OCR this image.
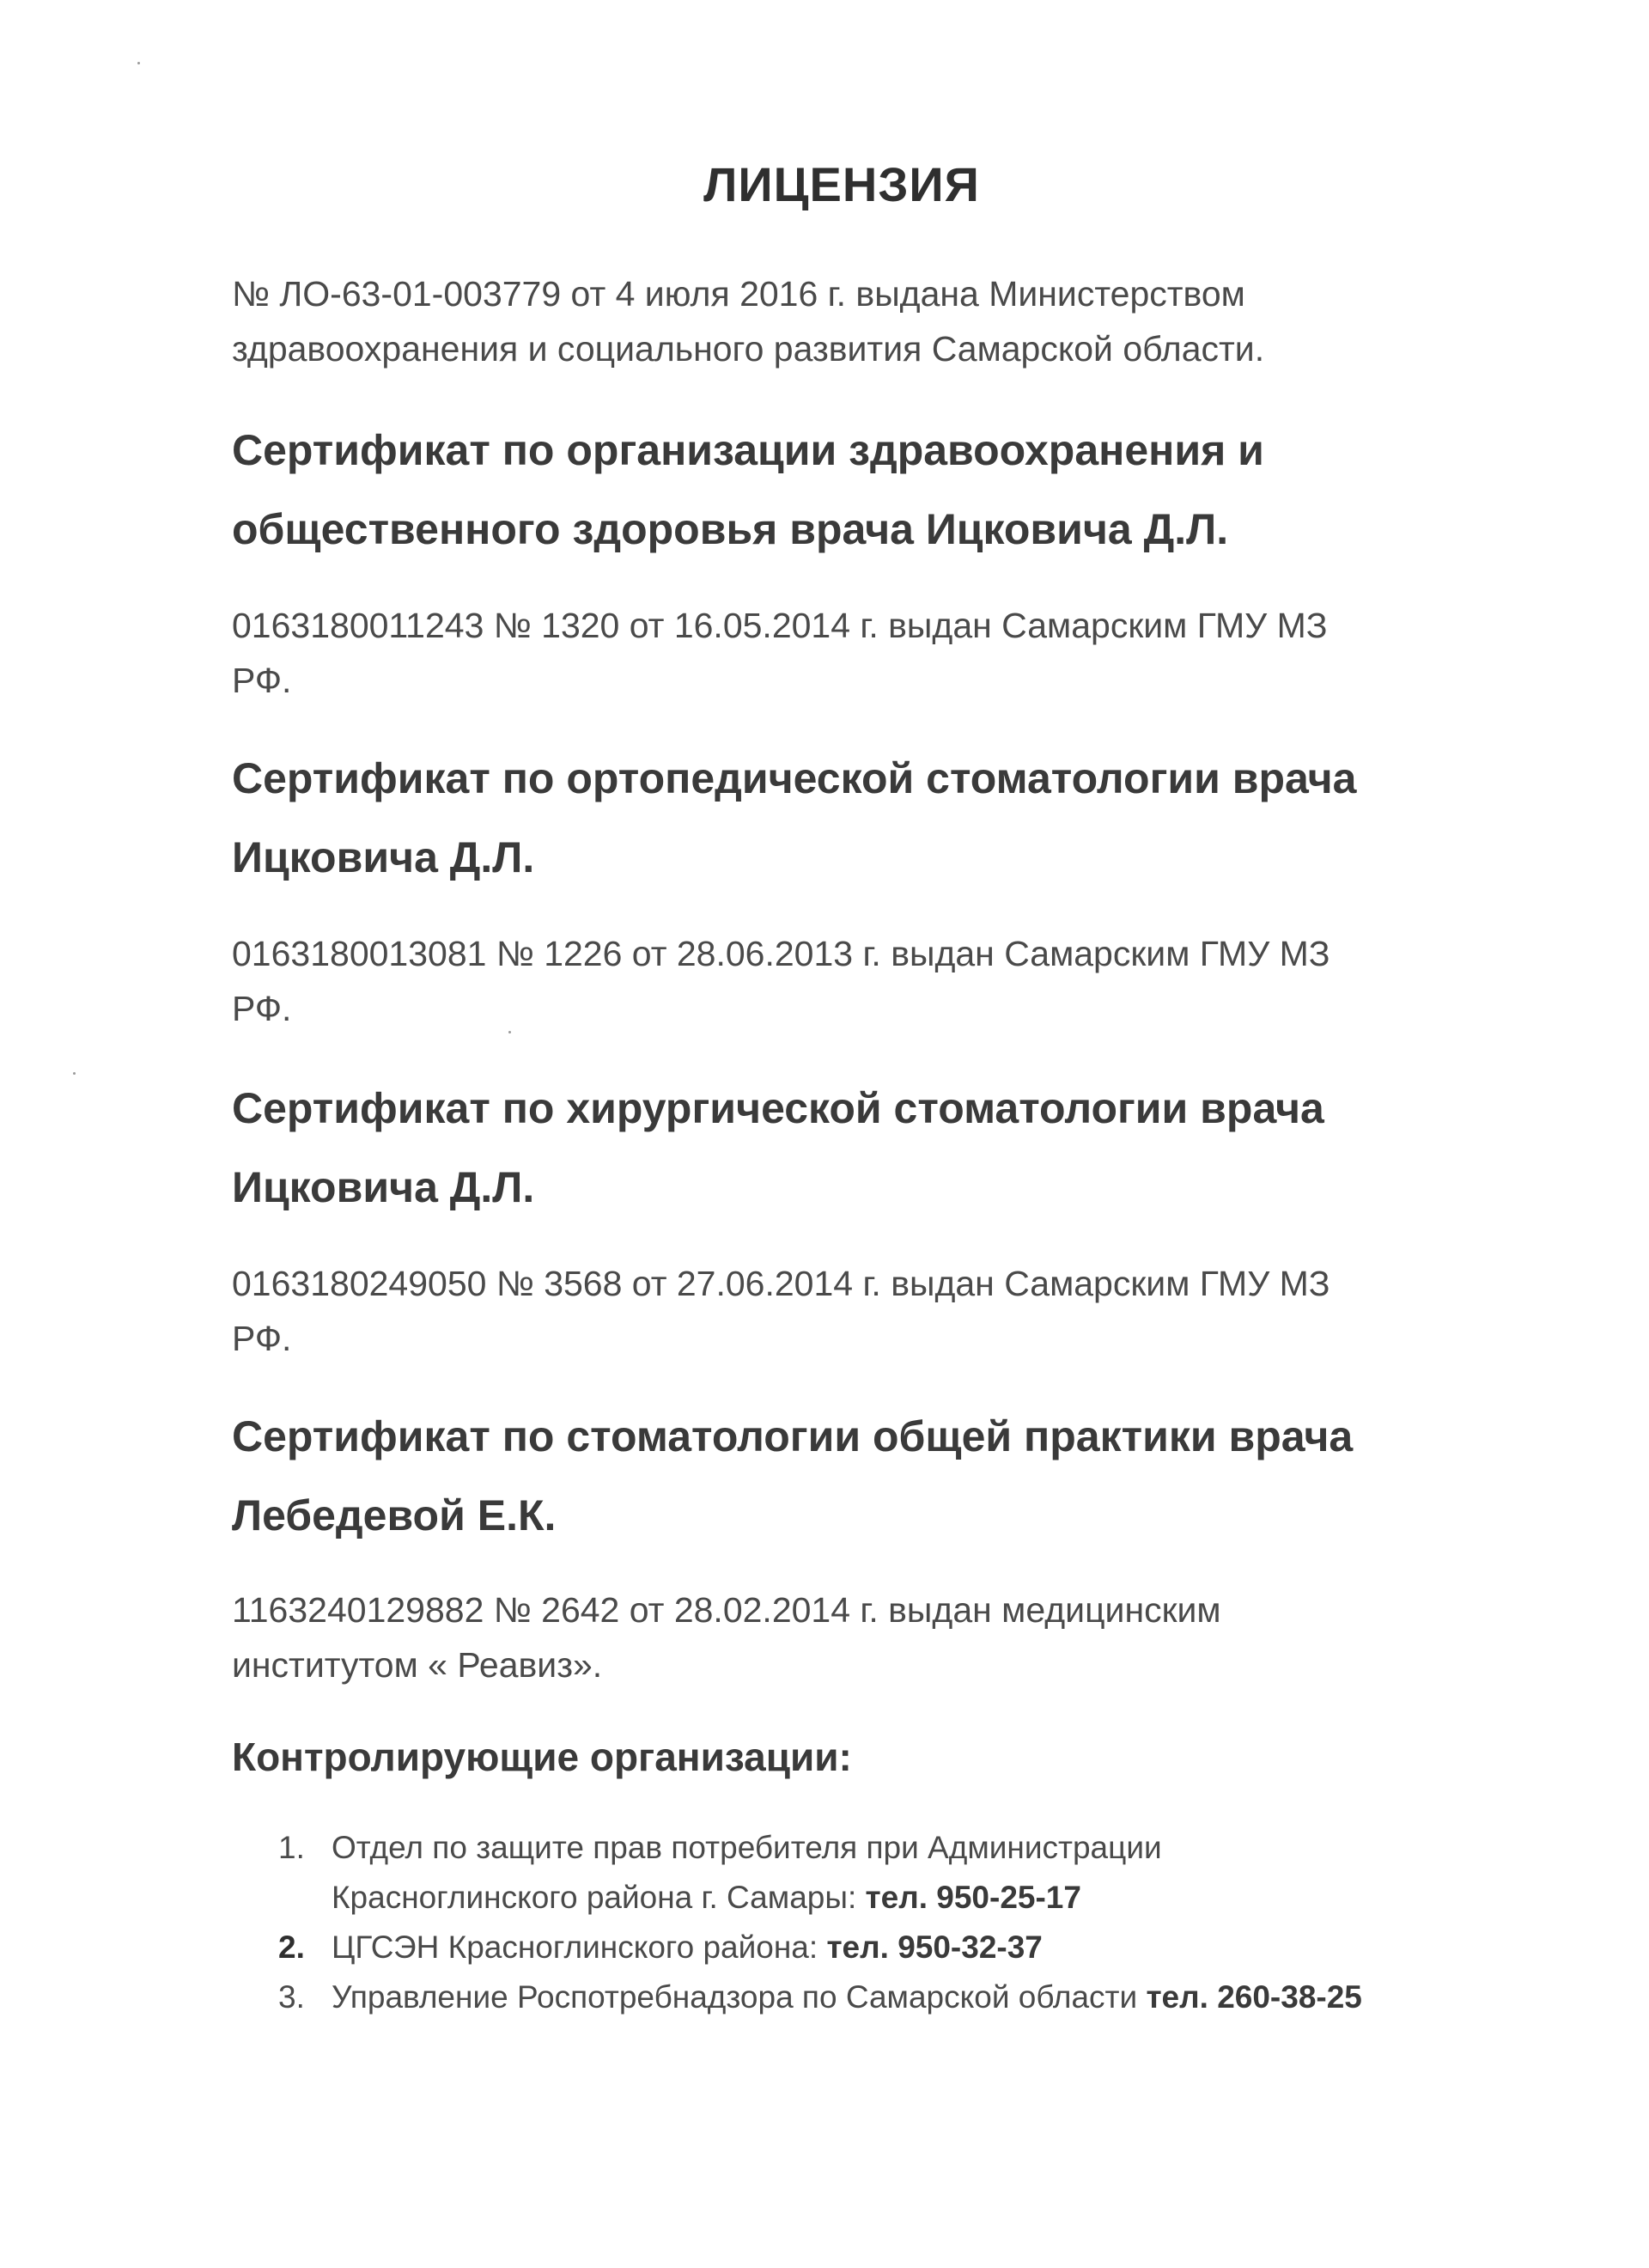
ЛИЦЕНЗИЯ
№ ЛО-63-01-003779 от 4 июля 2016 г. выдана Министерством
здравоохранения и социального развития Самарской области.
Сертификат по организации здравоохранения и
общественного здоровья врача Ицковича Д.Л.
0163180011243 № 1320 от 16.05.2014 г. выдан Самарским ГМУ МЗ
РФ.
Сертификат по ортопедической стоматологии врача
Ицковича Д.Л.
0163180013081 № 1226 от 28.06.2013 г. выдан Самарским ГМУ МЗ
РФ.
Сертификат по хирургической стоматологии врача
Ицковича Д.Л.
0163180249050 № 3568 от 27.06.2014 г. выдан Самарским ГМУ МЗ
РФ.
Сертификат по стоматологии общей практики врача
Лебедевой Е.К.
1163240129882 № 2642 от 28.02.2014 г. выдан медицинским
институтом « Реавиз».
Контролирующие организации:
1. Отдел по защите прав потребителя при Администрации
Красноглинского района г. Самары: тел. 950-25-17
2. ЦГСЭН Красноглинского района: тел. 950-32-37
3. Управление Роспотребнадзора по Самарской области тел. 260-38-25
